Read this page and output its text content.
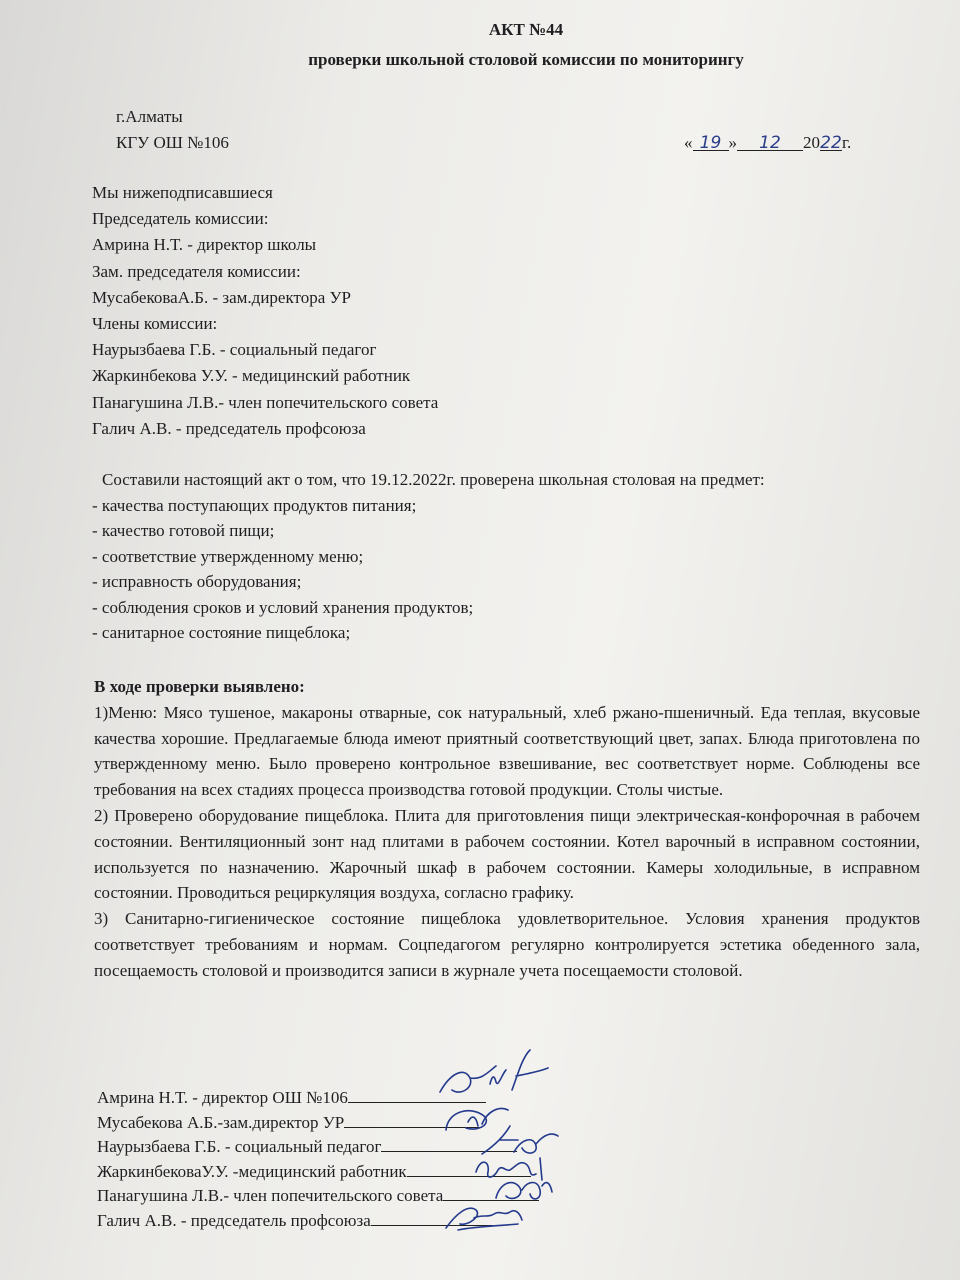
АКТ №44
проверки школьной столовой комиссии по мониторингу
г.Алматы
КГУ ОШ №106	« 19 » 12 2022г.
Мы нижеподписавшиеся
Председатель комиссии:
Амрина Н.Т. - директор школы
Зам. председателя комиссии:
МусабековаА.Б. - зам.директора УР
Члены комиссии:
Наурызбаева Г.Б. - социальный педагог
Жаркинбекова У.У. - медицинский работник
Панагушина Л.В.- член попечительского совета
Галич А.В. - председатель профсоюза
Составили настоящий акт о том, что 19.12.2022г. проверена школьная столовая на предмет:
- качества поступающих продуктов питания;
- качество готовой пищи;
- соответствие утвержденному меню;
- исправность оборудования;
- соблюдения сроков и условий хранения продуктов;
- санитарное состояние пищеблока;

В ходе проверки выявлено:

1)Меню: Мясо тушеное, макароны отварные, сок натуральный, хлеб ржано-пшеничный. Еда теплая, вкусовые качества хорошие. Предлагаемые блюда имеют приятный соответствующий цвет, запах. Блюда приготовлена по утвержденному меню. Было проверено контрольное взвешивание, вес соответствует норме. Соблюдены все требования на всех стадиях процесса производства готовой продукции. Столы чистые.

2) Проверено оборудование пищеблока. Плита для приготовления пищи электрическая-конфорочная в рабочем состоянии. Вентиляционный зонт над плитами в рабочем состоянии. Котел варочный в исправном состоянии, используется по назначению. Жарочный шкаф в рабочем состоянии. Камеры холодильные, в исправном состоянии. Проводиться рециркуляция воздуха, согласно графику.

3) Санитарно-гигиеническое состояние пищеблока удовлетворительное. Условия хранения продуктов соответствует требованиям и нормам. Соцпедагогом регулярно контролируется эстетика обеденного зала, посещаемость столовой и производится записи в журнале учета посещаемости столовой.

Амрина Н.Т. - директор ОШ №106
Мусабекова А.Б.-зам.директор УР
Наурызбаева Г.Б. - социальный педагог
ЖаркинбековаУ.У. -медицинский работник
Панагушина Л.В.- член попечительского совета
Галич А.В. - председатель профсоюза
